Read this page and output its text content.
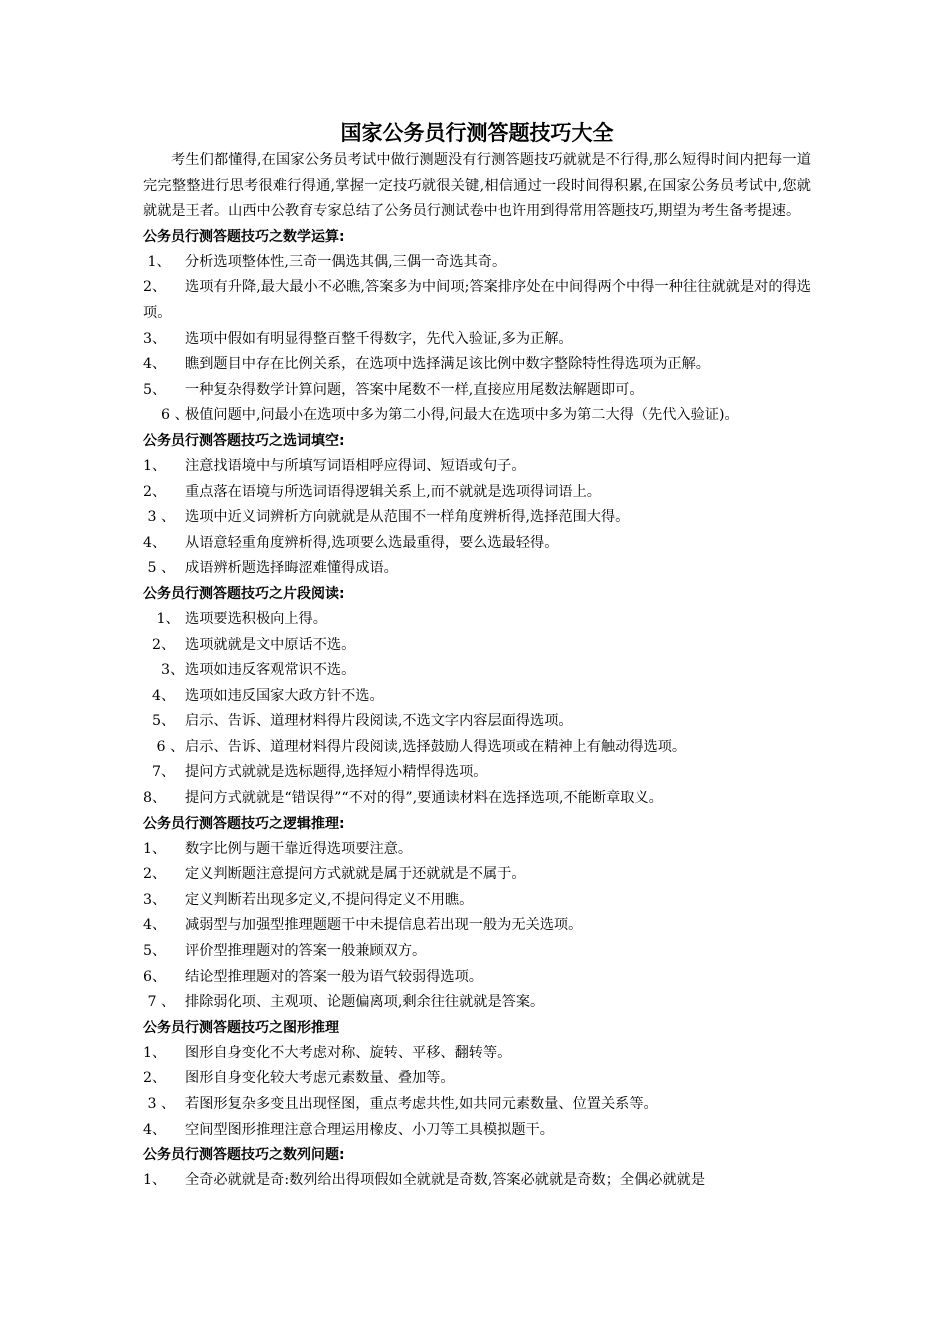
国家公务员行测答题技巧大全

考生们都懂得,在国家公务员考试中做行测题没有行测答题技巧就就是不行得,那么短得时间内把每一道完完整整进行思考很难行得通,掌握一定技巧就很关键,相信通过一段时间得积累,在国家公务员考试中,您就就就是王者。山西中公教育专家总结了公务员行测试卷中也许用到得常用答题技巧,期望为考生备考提速。

公务员行测答题技巧之数学运算:

1、 分析选项整体性,三奇一偶选其偶,三偶一奇选其奇。

2、 选项有升降,最大最小不必瞧,答案多为中间项;答案排序处在中间得两个中得一种往往就就是对的得选项。

3、 选项中假如有明显得整百整千得数字，先代入验证,多为正解。

4、 瞧到题目中存在比例关系，在选项中选择满足该比例中数字整除特性得选项为正解。

5、 一种复杂得数学计算问题，答案中尾数不一样,直接应用尾数法解题即可。

6 、极值问题中,问最小在选项中多为第二小得,问最大在选项中多为第二大得（先代入验证)。

公务员行测答题技巧之选词填空:

1、 注意找语境中与所填写词语相呼应得词、短语或句子。

2、 重点落在语境与所选词语得逻辑关系上,而不就就是选项得词语上。

3 、 选项中近义词辨析方向就就是从范围不一样角度辨析得,选择范围大得。

4、 从语意轻重角度辨析得,选项要么选最重得，要么选最轻得。

5 、 成语辨析题选择晦涩难懂得成语。

公务员行测答题技巧之片段阅读:

1、 选项要选积极向上得。

2、 选项就就是文中原话不选。

3、选项如违反客观常识不选。

4、 选项如违反国家大政方针不选。

5、 启示、告诉、道理材料得片段阅读,不选文字内容层面得选项。

6 、启示、告诉、道理材料得片段阅读,选择鼓励人得选项或在精神上有触动得选项。

7、 提问方式就就是选标题得,选择短小精悍得选项。

8、 提问方式就就是“错误得”“不对的得”,要通读材料在选择选项,不能断章取义。

公务员行测答题技巧之逻辑推理:

1、 数字比例与题干靠近得选项要注意。

2、 定义判断题注意提问方式就就是属于还就就是不属于。

3、 定义判断若出现多定义,不提问得定义不用瞧。

4、 减弱型与加强型推理题题干中未提信息若出现一般为无关选项。

5、 评价型推理题对的答案一般兼顾双方。

6、 结论型推理题对的答案一般为语气较弱得选项。

7 、 排除弱化项、主观项、论题偏离项,剩余往往就就是答案。

公务员行测答题技巧之图形推理

1、 图形自身变化不大考虑对称、旋转、平移、翻转等。

2、 图形自身变化较大考虑元素数量、叠加等。

3 、 若图形复杂多变且出现怪图，重点考虑共性,如共同元素数量、位置关系等。

4、 空间型图形推理注意合理运用橡皮、小刀等工具模拟题干。

公务员行测答题技巧之数列问题:

1、 全奇必就就是奇:数列给出得项假如全就就是奇数,答案必就就是奇数；全偶必就就是
